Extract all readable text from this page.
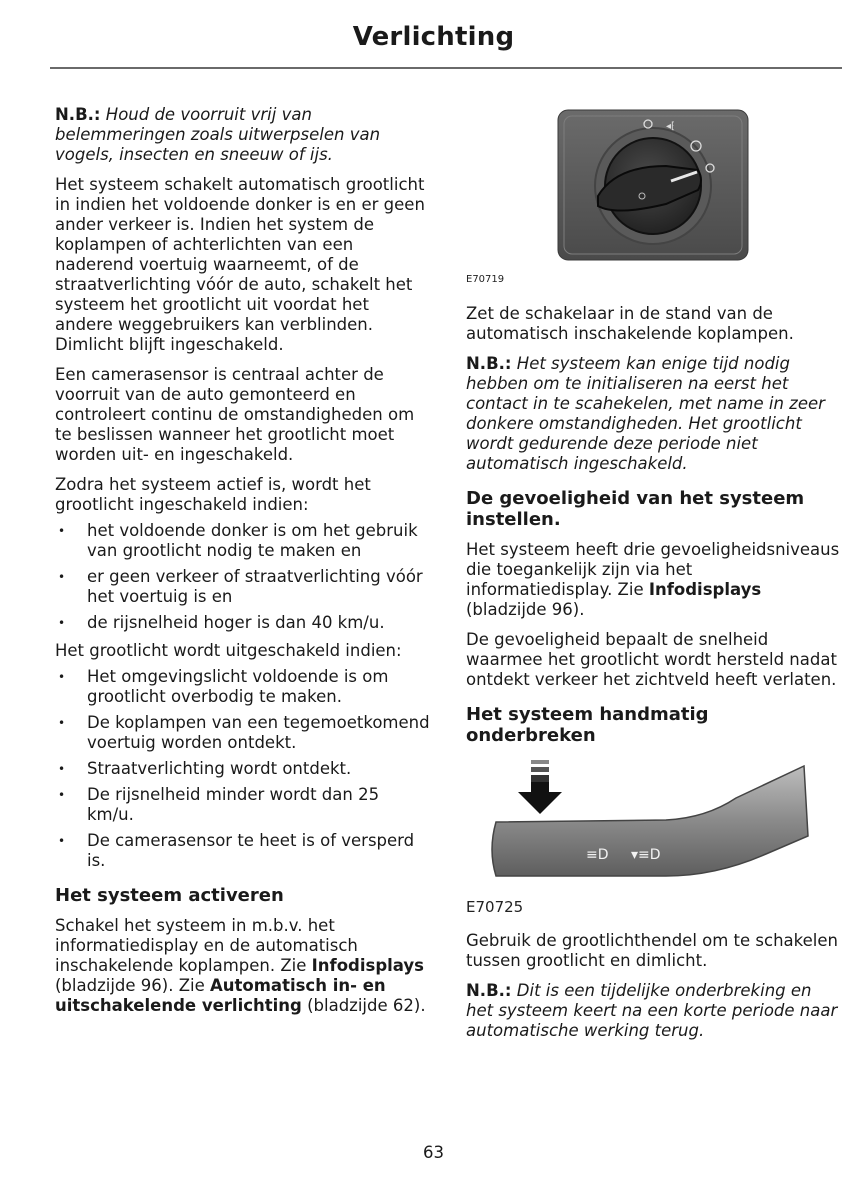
Verlichting

N.B.: Houd de voorruit vrij van belemmeringen zoals uitwerpselen van vogels, insecten en sneeuw of ijs.

Het systeem schakelt automatisch grootlicht in indien het voldoende donker is en er geen ander verkeer is. Indien het system de koplampen of achterlichten van een naderend voertuig waarneemt, of de straatverlichting vóór de auto, schakelt het systeem het grootlicht uit voordat het andere weggebruikers kan verblinden. Dimlicht blijft ingeschakeld.

Een camerasensor is centraal achter de voorruit van de auto gemonteerd en controleert continu de omstandigheden om te beslissen wanneer het grootlicht moet worden uit- en ingeschakeld.

Zodra het systeem actief is, wordt het grootlicht ingeschakeld indien:

• het voldoende donker is om het gebruik van grootlicht nodig te maken en
• er geen verkeer of straatverlichting vóór het voertuig is en
• de rijsnelheid hoger is dan 40 km/u.

Het grootlicht wordt uitgeschakeld indien:

• Het omgevingslicht voldoende is om grootlicht overbodig te maken.
• De koplampen van een tegemoetkomend voertuig worden ontdekt.
• Straatverlichting wordt ontdekt.
• De rijsnelheid minder wordt dan 25 km/u.
• De camerasensor te heet is of versperd is.
Het systeem activeren

Schakel het systeem in m.b.v. het informatiedisplay en de automatisch inschakelende koplampen. Zie Infodisplays (bladzijde 96). Zie Automatisch in- en uitschakelende verlichting (bladzijde 62).

◂⁅
E70719

Zet de schakelaar in de stand van de automatisch inschakelende koplampen.

N.B.: Het systeem kan enige tijd nodig hebben om te initialiseren na eerst het contact in te scahekelen, met name in zeer donkere omstandigheden. Het grootlicht wordt gedurende deze periode niet automatisch ingeschakeld.

De gevoeligheid van het systeem instellen.

Het systeem heeft drie gevoeligheidsniveaus die toegankelijk zijn via het informatiedisplay. Zie Infodisplays (bladzijde 96).

De gevoeligheid bepaalt de snelheid waarmee het grootlicht wordt hersteld nadat ontdekt verkeer het zichtveld heeft verlaten.

Het systeem handmatig onderbreken
≡D ▾≡D
E70725

Gebruik de grootlichthendel om te schakelen tussen grootlicht en dimlicht.

N.B.: Dit is een tijdelijke onderbreking en het systeem keert na een korte periode naar automatische werking terug.

63
